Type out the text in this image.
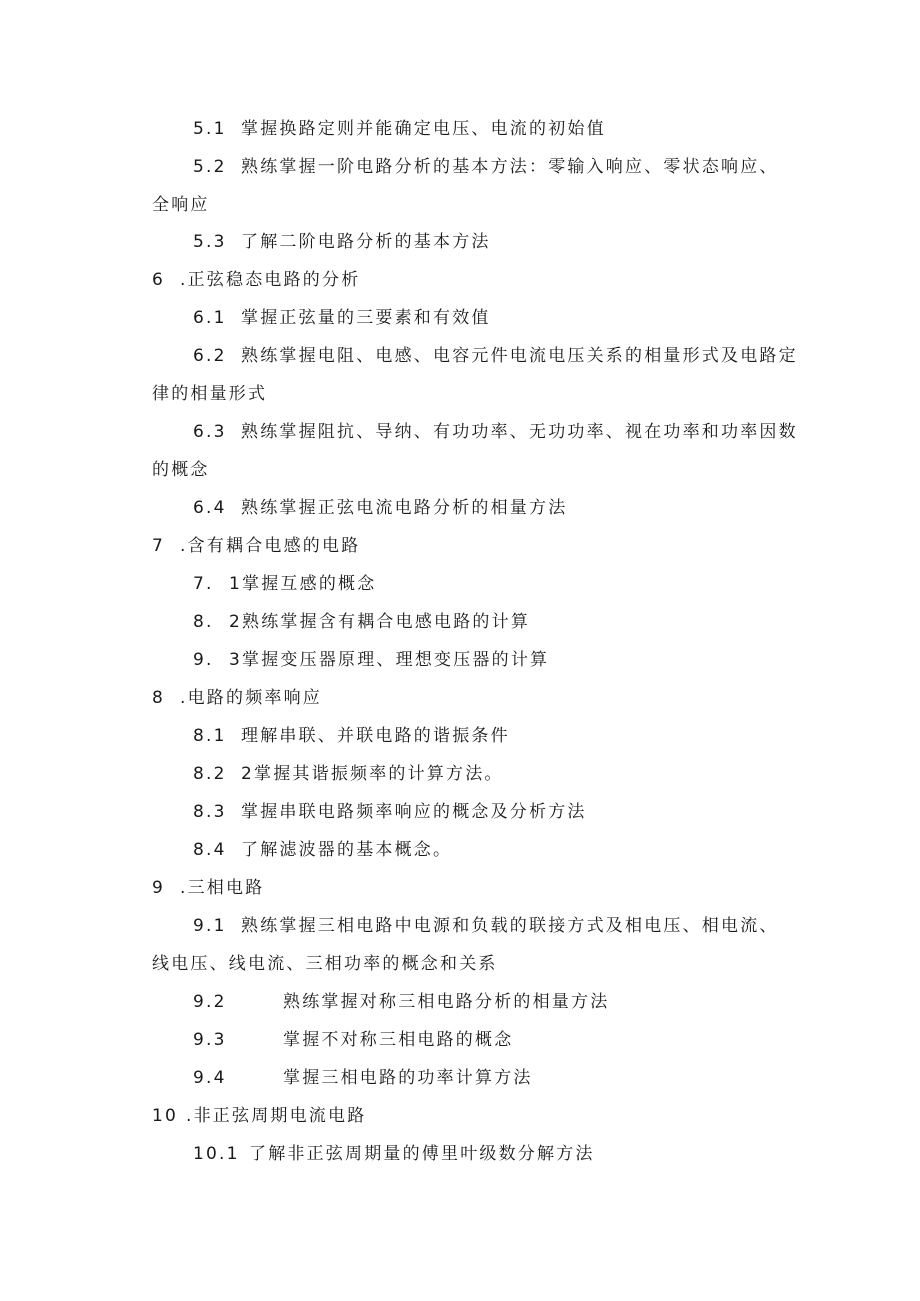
5.1 掌握换路定则并能确定电压、电流的初始值
5.2 熟练掌握一阶电路分析的基本方法：零输入响应、零状态响应、
全响应
5.3 了解二阶电路分析的基本方法
6 .正弦稳态电路的分析
6.1 掌握正弦量的三要素和有效值
6.2 熟练掌握电阻、电感、电容元件电流电压关系的相量形式及电路定
律的相量形式
6.3 熟练掌握阻抗、导纳、有功功率、无功功率、视在功率和功率因数
的概念
6.4 熟练掌握正弦电流电路分析的相量方法
7 .含有耦合电感的电路
7. 1掌握互感的概念
8. 2熟练掌握含有耦合电感电路的计算
9. 3掌握变压器原理、理想变压器的计算
8 .电路的频率响应
8.1 理解串联、并联电路的谐振条件
8.2 2掌握其谐振频率的计算方法。
8.3 掌握串联电路频率响应的概念及分析方法
8.4 了解滤波器的基本概念。
9 .三相电路
9.1 熟练掌握三相电路中电源和负载的联接方式及相电压、相电流、
线电压、线电流、三相功率的概念和关系
9.2	熟练掌握对称三相电路分析的相量方法
9.3	掌握不对称三相电路的概念
9.4	掌握三相电路的功率计算方法
10 .非正弦周期电流电路
10.1 了解非正弦周期量的傅里叶级数分解方法
